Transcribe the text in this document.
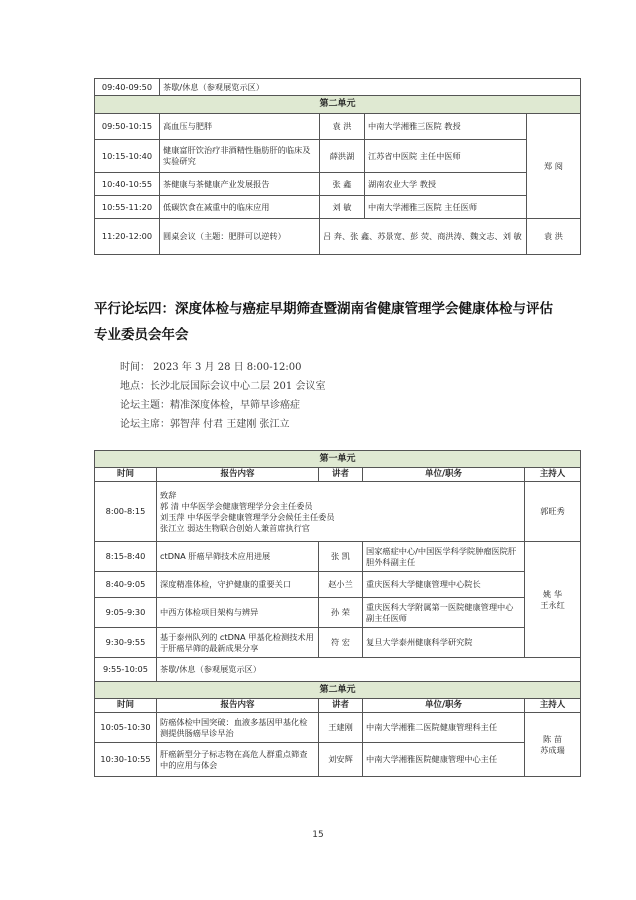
09:40-09:50	茶歇/休息（参观展览示区）			
第二单元				
09:50-10:15	高血压与肥胖	袁 洪	中南大学湘雅三医院 教授	郑 阅
10:15-10:40	健康富肝饮治疗非酒精性脂肪肝的临床及实验研究	薛洪湖	江苏省中医院 主任中医师	
10:40-10:55	茶健康与茶健康产业发展报告	张 鑫	湖南农业大学 教授	
10:55-11:20	低碳饮食在减重中的临床应用	刘 敏	中南大学湘雅三医院 主任医师	
11:20-12:00	圆桌会议（主题：肥胖可以逆转）	吕 奔、张 鑫、苏景宽、彭 荧、商洪涛、魏文志、刘 敏		袁 洪
平行论坛四：深度体检与癌症早期筛查暨湖南省健康管理学会健康体检与评估
专业委员会年会
时间： 2023 年 3 月 28 日 8:00-12:00
地点：长沙北辰国际会议中心二层 201 会议室
论坛主题：精准深度体检，早筛早诊癌症
论坛主席：郭智萍 付君 王建刚 张江立
第一单元				
时间	报告内容	讲者	单位/职务	主持人
8:00-8:15	致辞
郭 清 中华医学会健康管理学分会主任委员
刘玉萍 中华医学会健康管理学分会候任主任委员
张江立 弱达生物联合创始人兼首席执行官			郭旺秀
8:15-8:40	ctDNA 肝癌早筛技术应用进展	张 凯	国家癌症中心/中国医学科学院肿瘤医院肝胆外科副主任	姚 华
王永红
8:40-9:05	深度精准体检，守护健康的重要关口	赵小兰	重庆医科大学健康管理中心院长	
9:05-9:30	中西方体检项目架构与辨异	孙 荣	重庆医科大学附属第一医院健康管理中心副主任医师	
9:30-9:55	基于泰州队列的 ctDNA 甲基化检测技术用于肝癌早筛的最新成果分享	符 宏	复旦大学泰州健康科学研究院	
9:55-10:05	茶歇/休息（参观展览示区）			
第二单元				
时间	报告内容	讲者	单位/职务	主持人
10:05-10:30	防癌体检中国突破：血液多基因甲基化检测提供肠癌早诊早治	王建刚	中南大学湘雅二医院健康管理科主任	陈 苗
苏成瑞
10:30-10:55	肝癌新型分子标志物在高危人群重点筛查中的应用与体会	刘安辉	中南大学湘雅医院健康管理中心主任	
15
